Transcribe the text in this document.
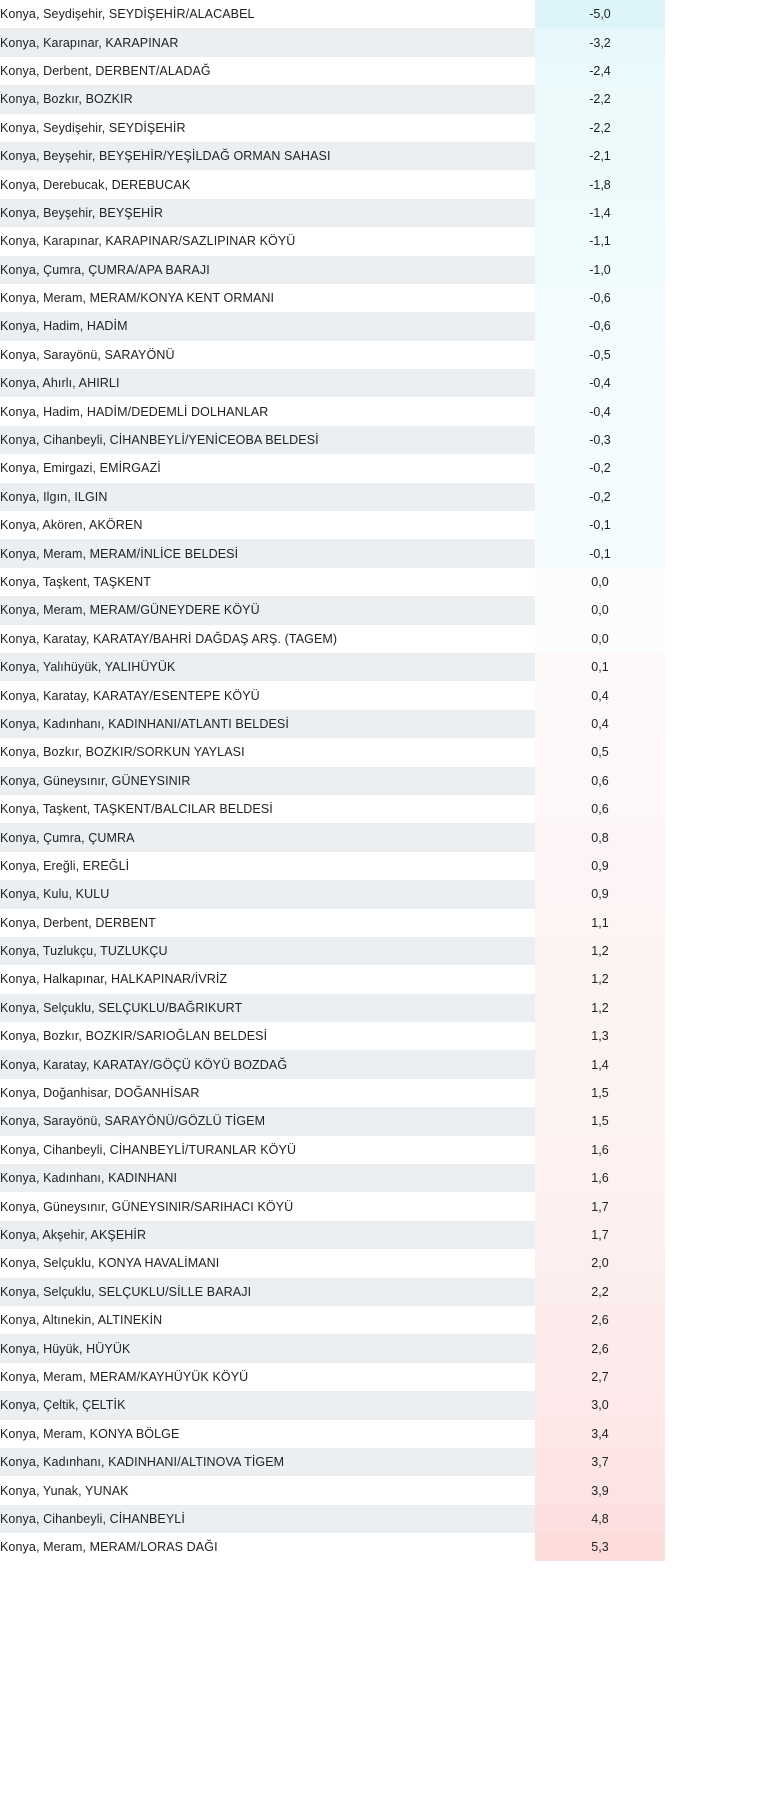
Konya, Seydişehir, SEYDİŞEHİR/ALACABEL	-5,0	
Konya, Karapınar, KARAPINAR	-3,2	
Konya, Derbent, DERBENT/ALADAĞ	-2,4	
Konya, Bozkır, BOZKIR	-2,2	
Konya, Seydişehir, SEYDİŞEHİR	-2,2	
Konya, Beyşehir, BEYŞEHİR/YEŞİLDAĞ ORMAN SAHASI	-2,1	
Konya, Derebucak, DEREBUCAK	-1,8	
Konya, Beyşehir, BEYŞEHİR	-1,4	
Konya, Karapınar, KARAPINAR/SAZLIPINAR KÖYÜ	-1,1	
Konya, Çumra, ÇUMRA/APA BARAJI	-1,0	
Konya, Meram, MERAM/KONYA KENT ORMANI	-0,6	
Konya, Hadim, HADİM	-0,6	
Konya, Sarayönü, SARAYÖNÜ	-0,5	
Konya, Ahırlı, AHIRLI	-0,4	
Konya, Hadim, HADİM/DEDEMLİ DOLHANLAR	-0,4	
Konya, Cihanbeyli, CİHANBEYLİ/YENİCEOBA BELDESİ	-0,3	
Konya, Emirgazi, EMİRGAZİ	-0,2	
Konya, Ilgın, ILGIN	-0,2	
Konya, Akören, AKÖREN	-0,1	
Konya, Meram, MERAM/İNLİCE BELDESİ	-0,1	
Konya, Taşkent, TAŞKENT	0,0	
Konya, Meram, MERAM/GÜNEYDERE KÖYÜ	0,0	
Konya, Karatay, KARATAY/BAHRİ DAĞDAŞ ARŞ. (TAGEM)	0,0	
Konya, Yalıhüyük, YALIHÜYÜK	0,1	
Konya, Karatay, KARATAY/ESENTEPE KÖYÜ	0,4	
Konya, Kadınhanı, KADINHANI/ATLANTI BELDESİ	0,4	
Konya, Bozkır, BOZKIR/SORKUN YAYLASI	0,5	
Konya, Güneysınır, GÜNEYSINIR	0,6	
Konya, Taşkent, TAŞKENT/BALCILAR BELDESİ	0,6	
Konya, Çumra, ÇUMRA	0,8	
Konya, Ereğli, EREĞLİ	0,9	
Konya, Kulu, KULU	0,9	
Konya, Derbent, DERBENT	1,1	
Konya, Tuzlukçu, TUZLUKÇU	1,2	
Konya, Halkapınar, HALKAPINAR/İVRİZ	1,2	
Konya, Selçuklu, SELÇUKLU/BAĞRIKURT	1,2	
Konya, Bozkır, BOZKIR/SARIOĞLAN BELDESİ	1,3	
Konya, Karatay, KARATAY/GÖÇÜ KÖYÜ BOZDAĞ	1,4	
Konya, Doğanhisar, DOĞANHİSAR	1,5	
Konya, Sarayönü, SARAYÖNÜ/GÖZLÜ TİGEM	1,5	
Konya, Cihanbeyli, CİHANBEYLİ/TURANLAR KÖYÜ	1,6	
Konya, Kadınhanı, KADINHANI	1,6	
Konya, Güneysınır, GÜNEYSINIR/SARIHACI KÖYÜ	1,7	
Konya, Akşehir, AKŞEHİR	1,7	
Konya, Selçuklu, KONYA HAVALİMANI	2,0	
Konya, Selçuklu, SELÇUKLU/SİLLE BARAJI	2,2	
Konya, Altınekin, ALTINEKİN	2,6	
Konya, Hüyük, HÜYÜK	2,6	
Konya, Meram, MERAM/KAYHÜYÜK KÖYÜ	2,7	
Konya, Çeltik, ÇELTİK	3,0	
Konya, Meram, KONYA BÖLGE	3,4	
Konya, Kadınhanı, KADINHANI/ALTINOVA TİGEM	3,7	
Konya, Yunak, YUNAK	3,9	
Konya, Cihanbeyli, CİHANBEYLİ	4,8	
Konya, Meram, MERAM/LORAS DAĞI	5,3	
